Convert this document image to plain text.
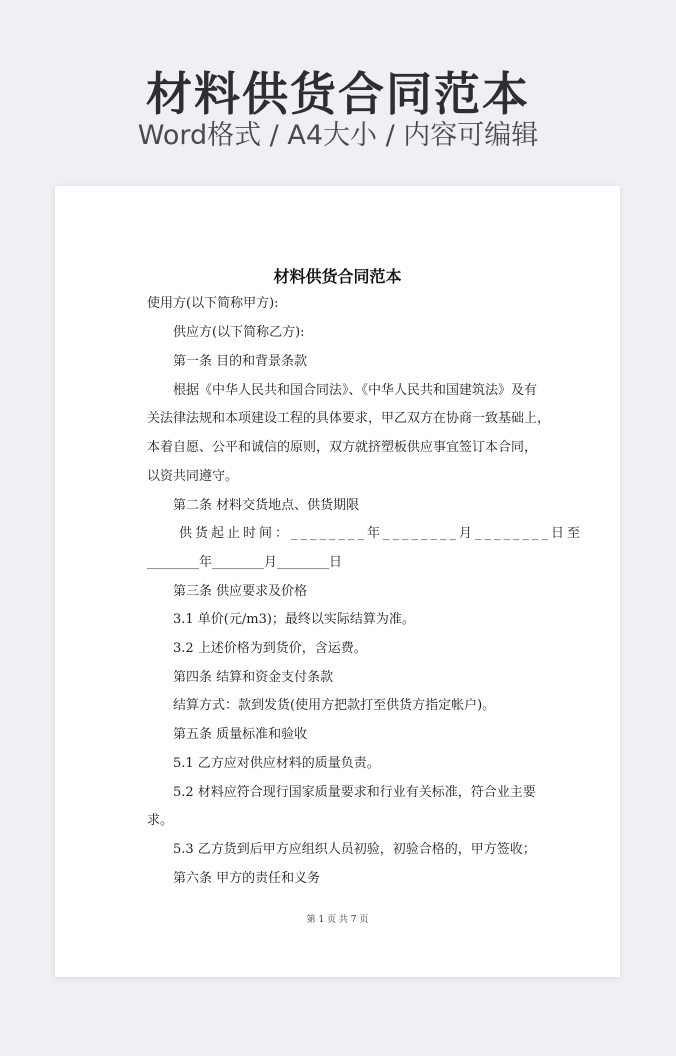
材料供货合同范本
Word格式 / A4大小 / 内容可编辑
材料供货合同范本
使用方(以下简称甲方):
供应方(以下简称乙方):
第一条 目的和背景条款
根据《中华人民共和国合同法》、《中华人民共和国建筑法》及有
关法律法规和本项建设工程的具体要求，甲乙双方在协商一致基础上，
本着自愿、公平和诚信的原则，双方就挤塑板供应事宜签订本合同，
以资共同遵守。
第二条 材料交货地点、供货期限
供货起止时间：________年________月________日至
________年________月________日
第三条 供应要求及价格
3.1 单价(元/m3)；最终以实际结算为准。
3.2 上述价格为到货价，含运费。
第四条 结算和资金支付条款
结算方式：款到发货(使用方把款打至供货方指定帐户)。
第五条 质量标准和验收
5.1 乙方应对供应材料的质量负责。
5.2 材料应符合现行国家质量要求和行业有关标准，符合业主要
求。
5.3 乙方货到后甲方应组织人员初验，初验合格的，甲方签收；
第六条 甲方的责任和义务
第 1 页 共 7 页
